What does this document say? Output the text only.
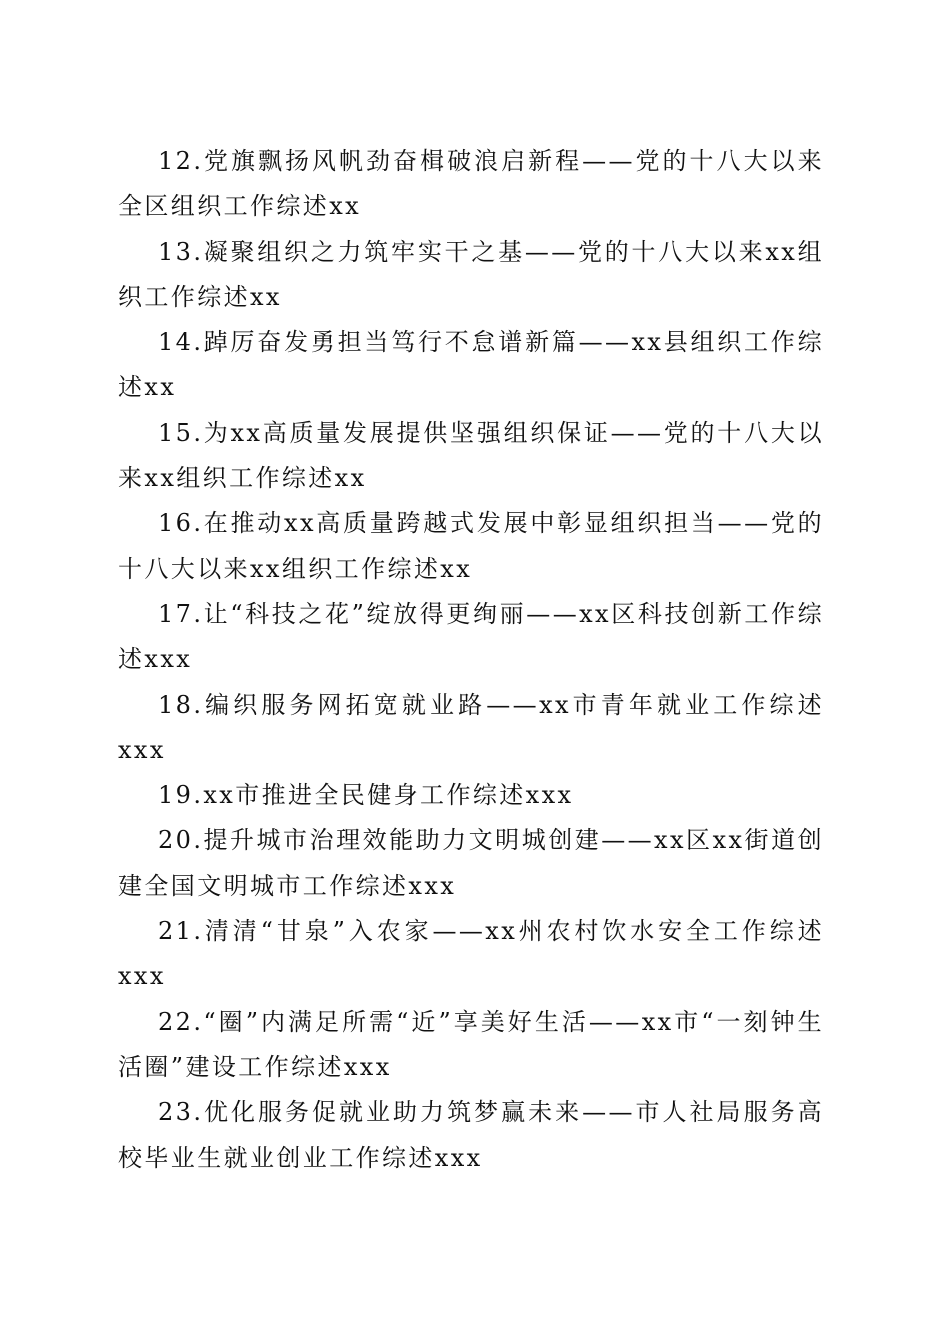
12.党旗飘扬风帆劲奋楫破浪启新程——党的十八大以来全区组织工作综述xx

13.凝聚组织之力筑牢实干之基——党的十八大以来xx组织工作综述xx

14.踔厉奋发勇担当笃行不怠谱新篇——xx县组织工作综述xx

15.为xx高质量发展提供坚强组织保证——党的十八大以来xx组织工作综述xx

16.在推动xx高质量跨越式发展中彰显组织担当——党的十八大以来xx组织工作综述xx

17.让“科技之花”绽放得更绚丽——xx区科技创新工作综述xxx

18.编织服务网拓宽就业路——xx市青年就业工作综述xxx

19.xx市推进全民健身工作综述xxx

20.提升城市治理效能助力文明城创建——xx区xx街道创建全国文明城市工作综述xxx

21.清清“甘泉”入农家——xx州农村饮水安全工作综述xxx

22.“圈”内满足所需“近”享美好生活——xx市“一刻钟生活圈”建设工作综述xxx

23.优化服务促就业助力筑梦赢未来——市人社局服务高校毕业生就业创业工作综述xxx
